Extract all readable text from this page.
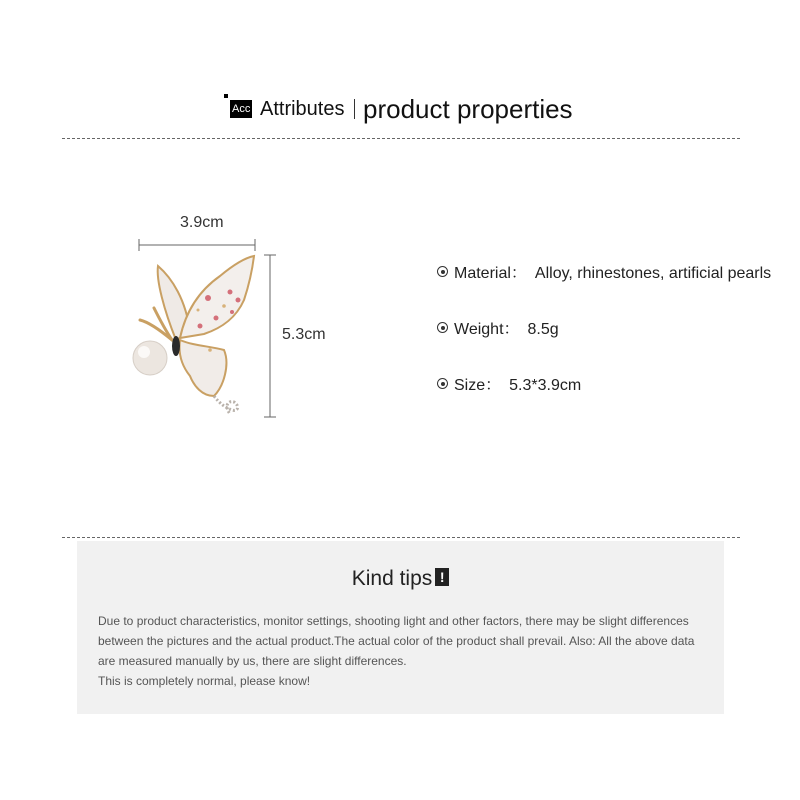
Acc Attributes product properties
3.9cm
5.3cm
Material： Alloy, rhinestones, artificial pearls
Weight： 8.5g
Size： 5.3*3.9cm
Kind tips !

Due to product characteristics, monitor settings, shooting light and other factors, there may be slight differences between the pictures and the actual product.The actual color of the product shall prevail. Also: All the above data are measured manually by us, there are slight differences.

This is completely normal, please know!
